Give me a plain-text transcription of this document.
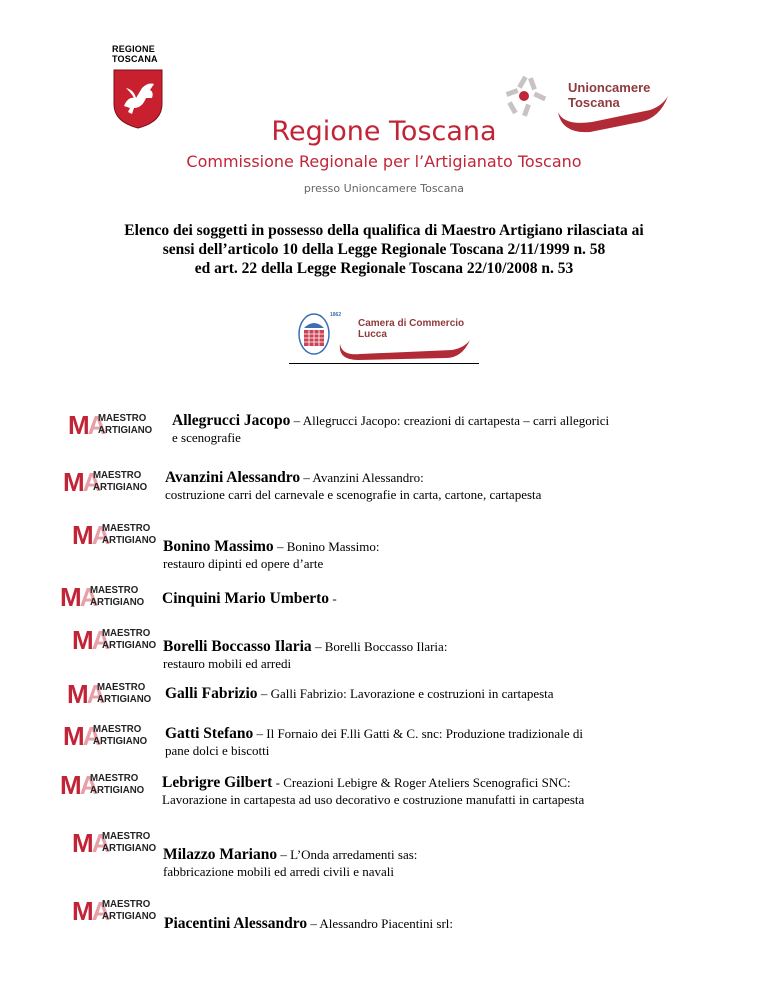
REGIONE
TOSCANA
Unioncamere
Toscana
Regione Toscana
Commissione Regionale per l’Artigianato Toscano
presso Unioncamere Toscana
Elenco dei soggetti in possesso della qualifica di Maestro Artigiano rilasciata ai
sensi dell’articolo 10 della Legge Regionale Toscana 2/11/1999 n. 58
ed art. 22 della Legge Regionale Toscana 22/10/2008 n. 53
1862
Camera di Commercio
Lucca
MA
MAESTRO
ARTIGIANO
Allegrucci Jacopo – Allegrucci Jacopo: creazioni di cartapesta – carri allegorici
e scenografie
MA
MAESTRO
ARTIGIANO
Avanzini Alessandro – Avanzini Alessandro:
costruzione carri del carnevale e scenografie in carta, cartone, cartapesta
MA
MAESTRO
ARTIGIANO Bonino Massimo – Bonino Massimo:
restauro dipinti ed opere d’arte
MA
MAESTRO
ARTIGIANO Cinquini Mario Umberto -
MA
MAESTRO
ARTIGIANO Borelli Boccasso Ilaria – Borelli Boccasso Ilaria:
restauro mobili ed arredi
MA
MAESTRO
ARTIGIANO Galli Fabrizio – Galli Fabrizio: Lavorazione e costruzioni in cartapesta
MA
MAESTRO
ARTIGIANO Gatti Stefano – Il Fornaio dei F.lli Gatti & C. snc: Produzione tradizionale di
pane dolci e biscotti
MA
MAESTRO
ARTIGIANO Lebrigre Gilbert - Creazioni Lebigre & Roger Ateliers Scenografici SNC:
Lavorazione in cartapesta ad uso decorativo e costruzione manufatti in cartapesta
MA
MAESTRO
ARTIGIANO Milazzo Mariano – L’Onda arredamenti sas:
fabbricazione mobili ed arredi civili e navali
MA
MAESTRO
ARTIGIANO Piacentini Alessandro – Alessandro Piacentini srl:
